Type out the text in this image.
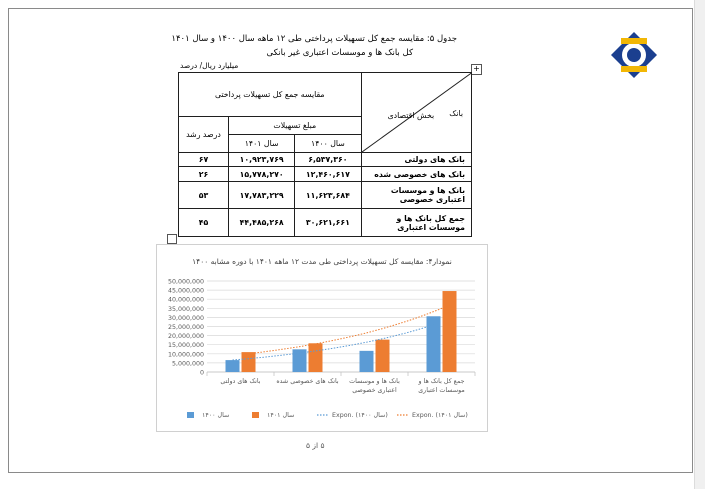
جدول ۵: مقایسه جمع کل تسهیلات پرداختی طی ۱۲ ماهه سال ۱۴۰۰ و سال ۱۴۰۱
کل بانک ها و موسسات اعتباری غیر بانکی
میلیارد ریال/ درصد	+
بانک
بخش اقتصادی	مقایسه جمع کل تسهیلات پرداختی		
	مبلغ تسهیلات		درصد رشد
	سال ۱۴۰۰	سال ۱۴۰۱	
بانک های دولتی	۶,۵۳۷,۳۶۰	۱۰,۹۲۳,۷۶۹	۶۷
بانک های خصوصی شده	۱۲,۴۶۰,۶۱۷	۱۵,۷۷۸,۲۷۰	۲۶
بانک ها و موسسات اعتباری خصوصی	۱۱,۶۲۳,۶۸۴	۱۷,۷۸۳,۲۲۹	۵۳
جمع کل بانک ها و موسسات اعتباری	۳۰,۶۲۱,۶۶۱	۴۴,۴۸۵,۲۶۸	۴۵
نمودار۴: مقایسه کل تسهیلات پرداختی طی مدت ۱۲ ماهه ۱۴۰۱ با دوره مشابه ۱۴۰۰
0
5,000,000
10,000,000
15,000,000
20,000,000
25,000,000
30,000,000
35,000,000
40,000,000
45,000,000
50,000,000
بانک های دولتی	بانک های خصوصی شده بانک ها و موسسات
اعتباری خصوصی
جمع کل بانک ها و
موسسات اعتباری
سال ۱۴۰۰	سال ۱۴۰۱	Expon. (سال ۱۴۰۰)	Expon. (سال ۱۴۰۱)
۵ از ۵
